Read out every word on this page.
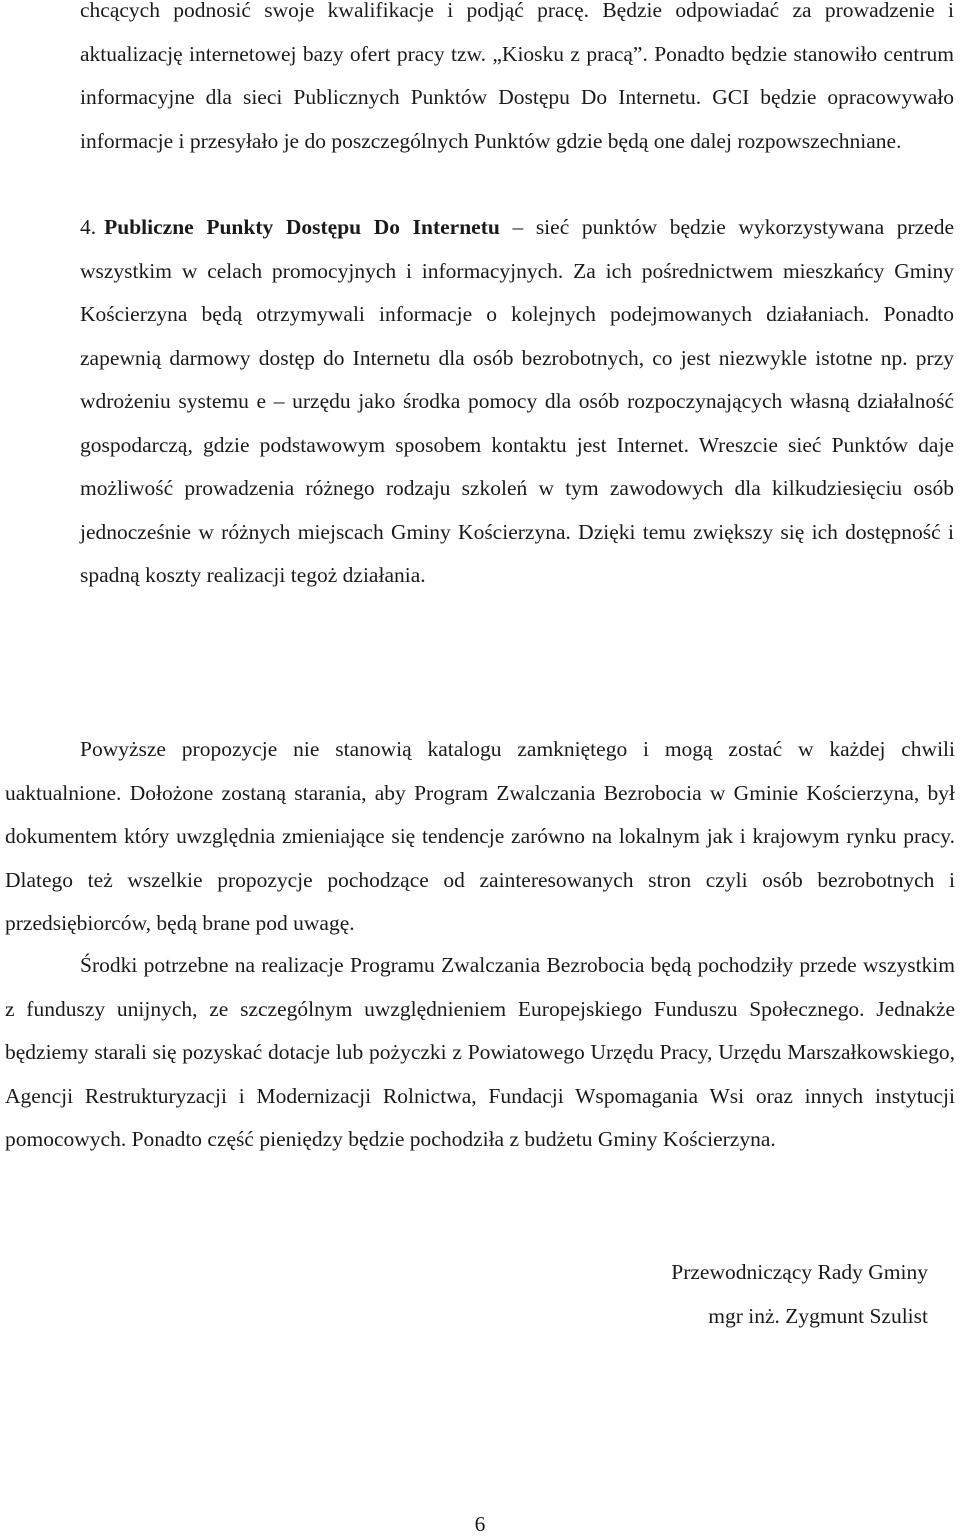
chcących podnosić swoje kwalifikacje i podjąć pracę. Będzie odpowiadać za prowadzenie i aktualizację internetowej bazy ofert pracy tzw. „Kiosku z pracą”. Ponadto będzie stanowiło centrum informacyjne dla sieci Publicznych Punktów Dostępu Do Internetu. GCI będzie opracowywało informacje i przesyłało je do poszczególnych Punktów gdzie będą one dalej rozpowszechniane.

4. Publiczne Punkty Dostępu Do Internetu – sieć punktów będzie wykorzystywana przede wszystkim w celach promocyjnych i informacyjnych. Za ich pośrednictwem mieszkańcy Gminy Kościerzyna będą otrzymywali informacje o kolejnych podejmowanych działaniach. Ponadto zapewnią darmowy dostęp do Internetu dla osób bezrobotnych, co jest niezwykle istotne np. przy wdrożeniu systemu e – urzędu jako środka pomocy dla osób rozpoczynających własną działalność gospodarczą, gdzie podstawowym sposobem kontaktu jest Internet. Wreszcie sieć Punktów daje możliwość prowadzenia różnego rodzaju szkoleń w tym zawodowych dla kilkudziesięciu osób jednocześnie w różnych miejscach Gminy Kościerzyna. Dzięki temu zwiększy się ich dostępność i spadną koszty realizacji tegoż działania.

Powyższe propozycje nie stanowią katalogu zamkniętego i mogą zostać w każdej chwili uaktualnione. Dołożone zostaną starania, aby Program Zwalczania Bezrobocia w Gminie Kościerzyna, był dokumentem który uwzględnia zmieniające się tendencje zarówno na lokalnym jak i krajowym rynku pracy. Dlatego też wszelkie propozycje pochodzące od zainteresowanych stron czyli osób bezrobotnych i przedsiębiorców, będą brane pod uwagę.

Środki potrzebne na realizacje Programu Zwalczania Bezrobocia będą pochodziły przede wszystkim z funduszy unijnych, ze szczególnym uwzględnieniem Europejskiego Funduszu Społecznego. Jednakże będziemy starali się pozyskać dotacje lub pożyczki z Powiatowego Urzędu Pracy, Urzędu Marszałkowskiego, Agencji Restrukturyzacji i Modernizacji Rolnictwa, Fundacji Wspomagania Wsi oraz innych instytucji pomocowych. Ponadto część pieniędzy będzie pochodziła z budżetu Gminy Kościerzyna.

Przewodniczący Rady Gminy
mgr inż. Zygmunt Szulist
6
